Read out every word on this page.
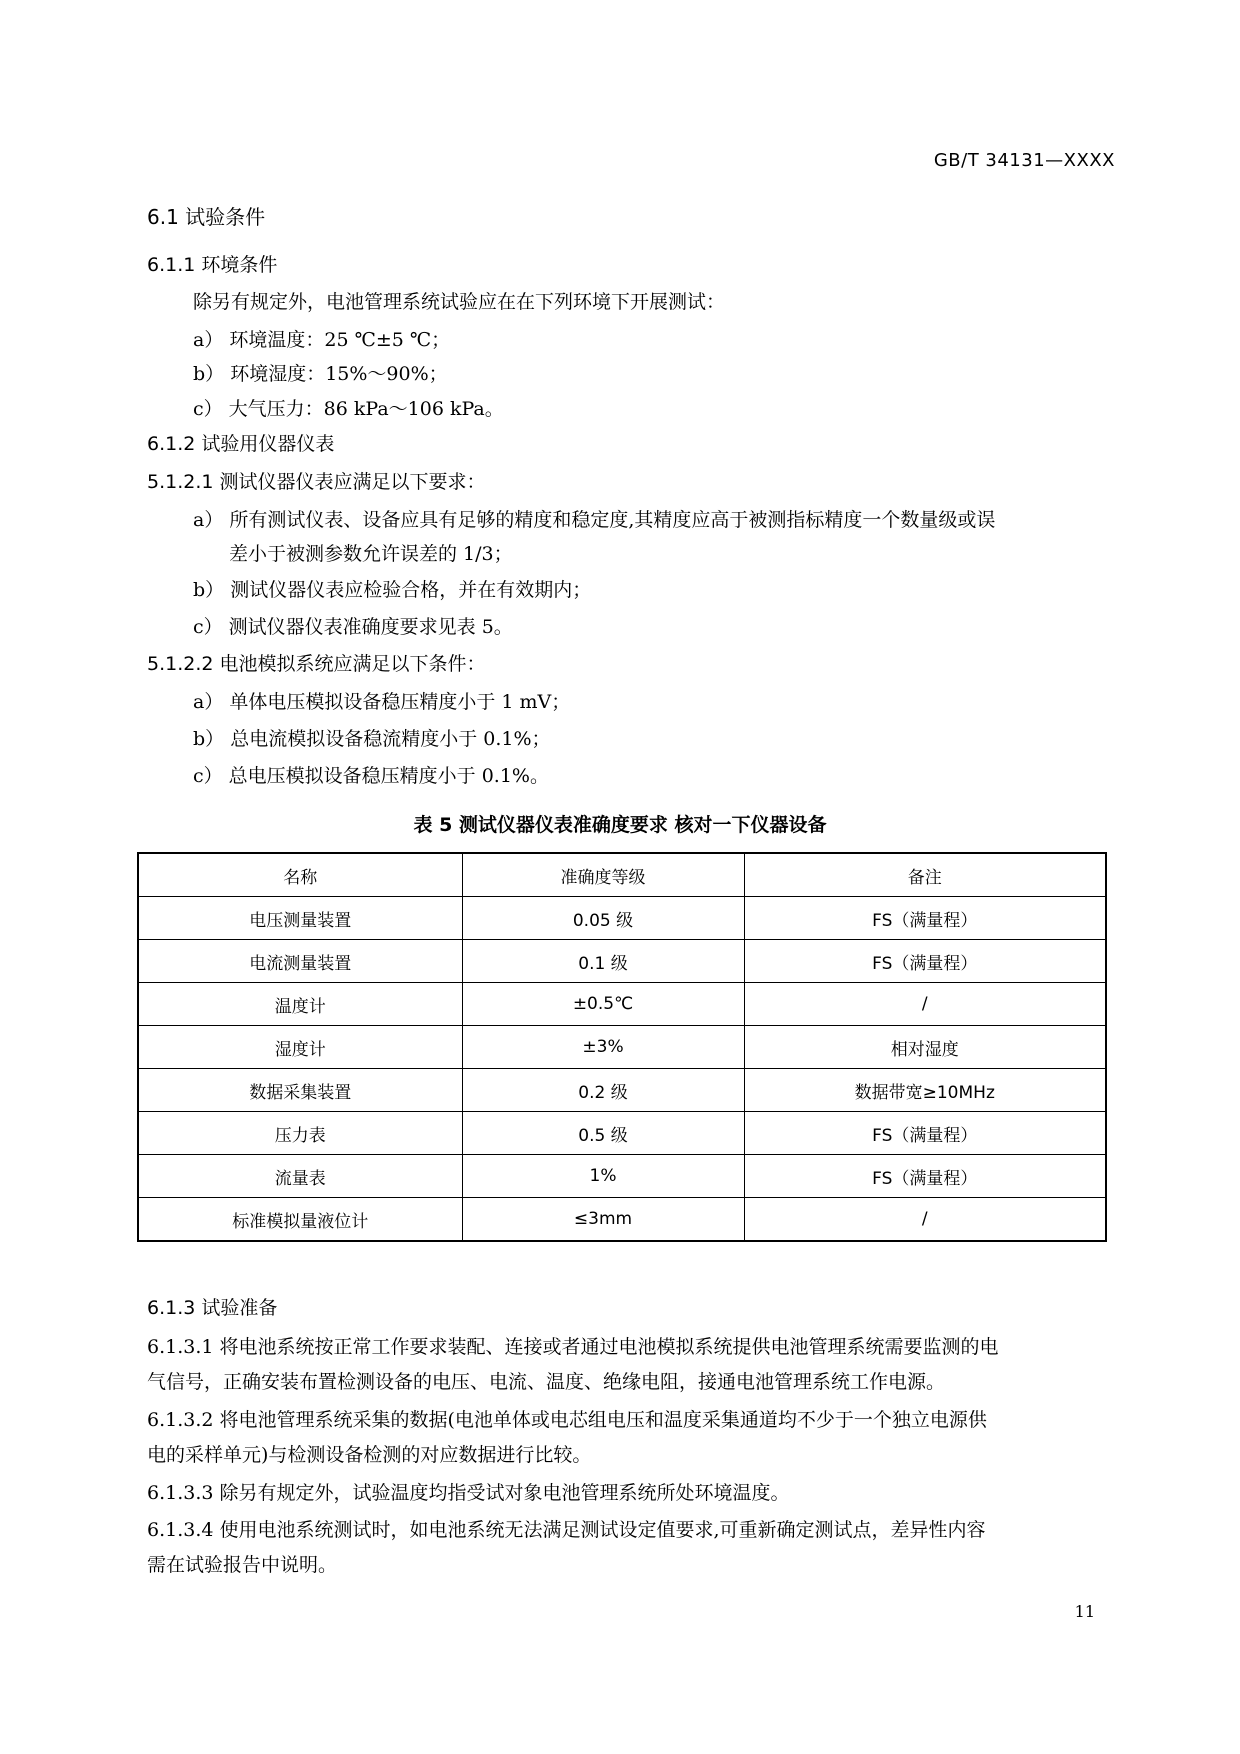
GB/T 34131—XXXX
6.1 试验条件
6.1.1 环境条件
除另有规定外，电池管理系统试验应在在下列环境下开展测试：
a） 环境温度：25 ℃±5 ℃；
b） 环境湿度：15%～90%；
c） 大气压力：86 kPa～106 kPa。
6.1.2 试验用仪器仪表
5.1.2.1 测试仪器仪表应满足以下要求：
a） 所有测试仪表、设备应具有足够的精度和稳定度,其精度应高于被测指标精度一个数量级或误
差小于被测参数允许误差的 1/3；
b） 测试仪器仪表应检验合格，并在有效期内；
c） 测试仪器仪表准确度要求见表 5。
5.1.2.2 电池模拟系统应满足以下条件：
a） 单体电压模拟设备稳压精度小于 1 mV；
b） 总电流模拟设备稳流精度小于 0.1%；
c） 总电压模拟设备稳压精度小于 0.1%。
表 5 测试仪器仪表准确度要求 核对一下仪器设备
名称	准确度等级	备注
电压测量装置	0.05 级	FS（满量程）
电流测量装置	0.1 级	FS（满量程）
温度计	±0.5℃	/
湿度计	±3%	相对湿度
数据采集装置	0.2 级	数据带宽≥10MHz
压力表	0.5 级	FS（满量程）
流量表	1%	FS（满量程）
标准模拟量液位计	≤3mm	/
6.1.3 试验准备
6.1.3.1 将电池系统按正常工作要求装配、连接或者通过电池模拟系统提供电池管理系统需要监测的电
气信号，正确安装布置检测设备的电压、电流、温度、绝缘电阻，接通电池管理系统工作电源。
6.1.3.2 将电池管理系统采集的数据(电池单体或电芯组电压和温度采集通道均不少于一个独立电源供
电的采样单元)与检测设备检测的对应数据进行比较。
6.1.3.3 除另有规定外，试验温度均指受试对象电池管理系统所处环境温度。
6.1.3.4 使用电池系统测试时，如电池系统无法满足测试设定值要求,可重新确定测试点，差异性内容
需在试验报告中说明。
11
